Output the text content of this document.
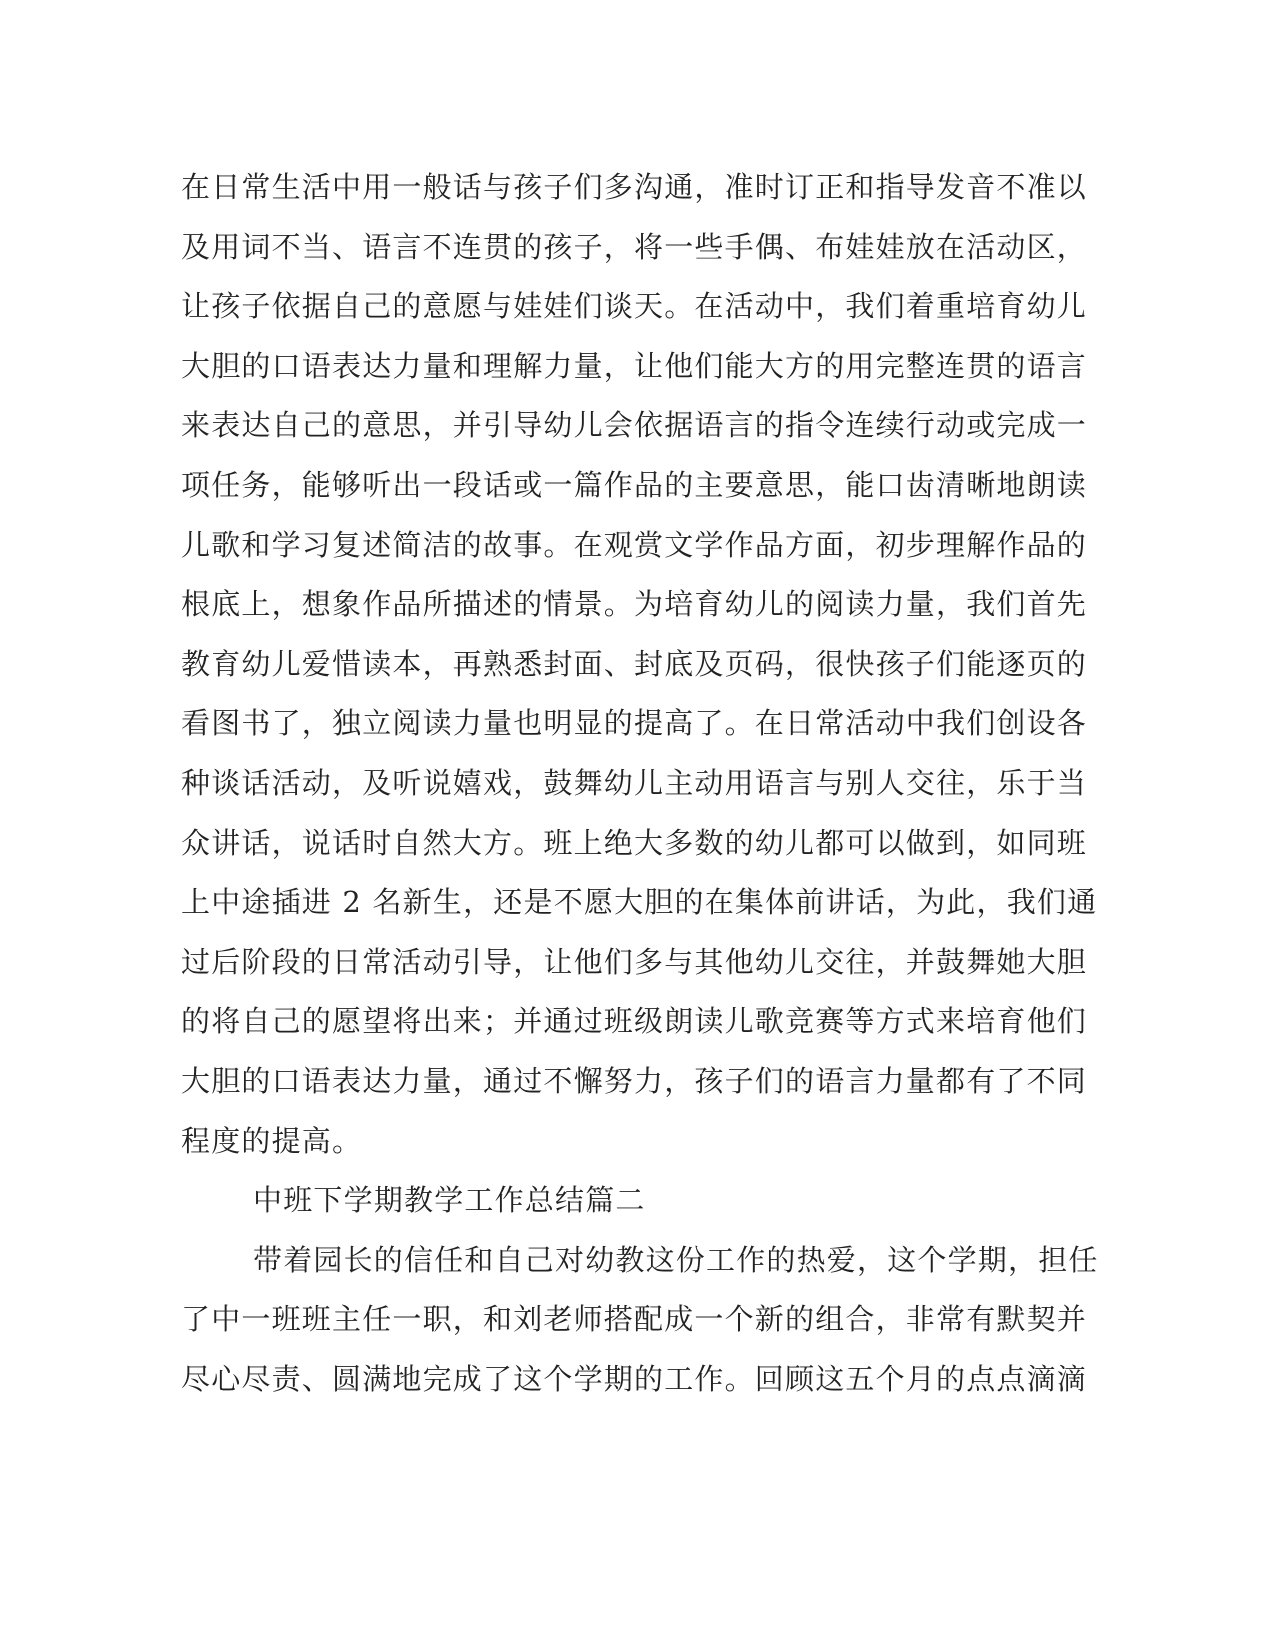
在日常生活中用一般话与孩子们多沟通，准时订正和指导发音不准以
及用词不当、语言不连贯的孩子，将一些手偶、布娃娃放在活动区，
让孩子依据自己的意愿与娃娃们谈天。在活动中，我们着重培育幼儿
大胆的口语表达力量和理解力量，让他们能大方的用完整连贯的语言
来表达自己的意思，并引导幼儿会依据语言的指令连续行动或完成一
项任务，能够听出一段话或一篇作品的主要意思，能口齿清晰地朗读
儿歌和学习复述简洁的故事。在观赏文学作品方面，初步理解作品的
根底上，想象作品所描述的情景。为培育幼儿的阅读力量，我们首先
教育幼儿爱惜读本，再熟悉封面、封底及页码，很快孩子们能逐页的
看图书了，独立阅读力量也明显的提高了。在日常活动中我们创设各
种谈话活动，及听说嬉戏，鼓舞幼儿主动用语言与别人交往，乐于当
众讲话，说话时自然大方。班上绝大多数的幼儿都可以做到，如同班
上中途插进 2 名新生，还是不愿大胆的在集体前讲话，为此，我们通
过后阶段的日常活动引导，让他们多与其他幼儿交往，并鼓舞她大胆
的将自己的愿望将出来；并通过班级朗读儿歌竞赛等方式来培育他们
大胆的口语表达力量，通过不懈努力，孩子们的语言力量都有了不同
程度的提高。
中班下学期教学工作总结篇二
带着园长的信任和自己对幼教这份工作的热爱，这个学期，担任
了中一班班主任一职，和刘老师搭配成一个新的组合，非常有默契并
尽心尽责、圆满地完成了这个学期的工作。回顾这五个月的点点滴滴
